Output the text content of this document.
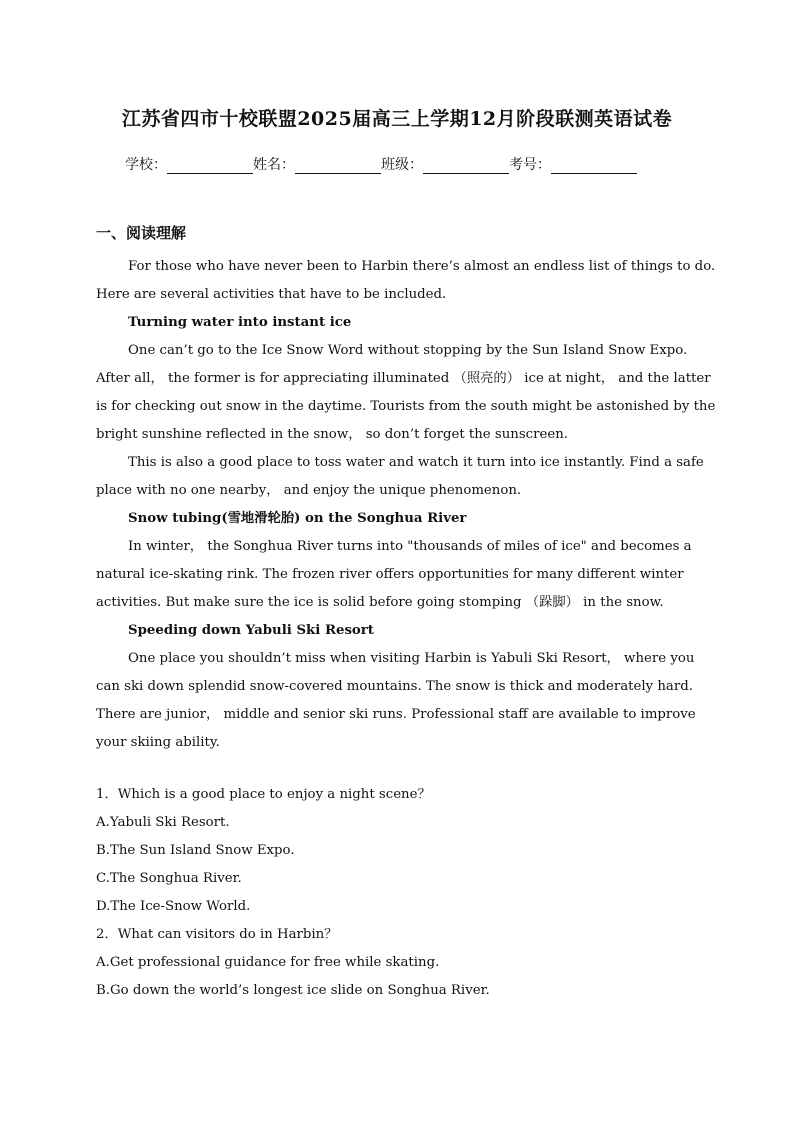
江苏省四市十校联盟2025届高三上学期12月阶段联测英语试卷
学校：	姓名：	班级：	考号：
一、阅读理解
For those who have never been to Harbin there’s almost an endless list of things to do.
Here are several activities that have to be included.
Turning water into instant ice
One can’t go to the Ice Snow Word without stopping by the Sun Island Snow Expo.
After all， the former is for appreciating illuminated （照亮的） ice at night， and the latter
is for checking out snow in the daytime. Tourists from the south might be astonished by the
bright sunshine reflected in the snow， so don’t forget the sunscreen.
This is also a good place to toss water and watch it turn into ice instantly. Find a safe
place with no one nearby， and enjoy the unique phenomenon.
Snow tubing(雪地滑轮胎) on the Songhua River
In winter， the Songhua River turns into "thousands of miles of ice" and becomes a
natural ice-skating rink. The frozen river offers opportunities for many different winter
activities. But make sure the ice is solid before going stomping （跺脚） in the snow.
Speeding down Yabuli Ski Resort
One place you shouldn’t miss when visiting Harbin is Yabuli Ski Resort， where you
can ski down splendid snow-covered mountains. The snow is thick and moderately hard.
There are junior， middle and senior ski runs. Professional staff are available to improve
your skiing ability.
1．Which is a good place to enjoy a night scene？
A.Yabuli Ski Resort.
B.The Sun Island Snow Expo.
C.The Songhua River.
D.The Ice-Snow World.
2．What can visitors do in Harbin？
A.Get professional guidance for free while skating.
B.Go down the world’s longest ice slide on Songhua River.
